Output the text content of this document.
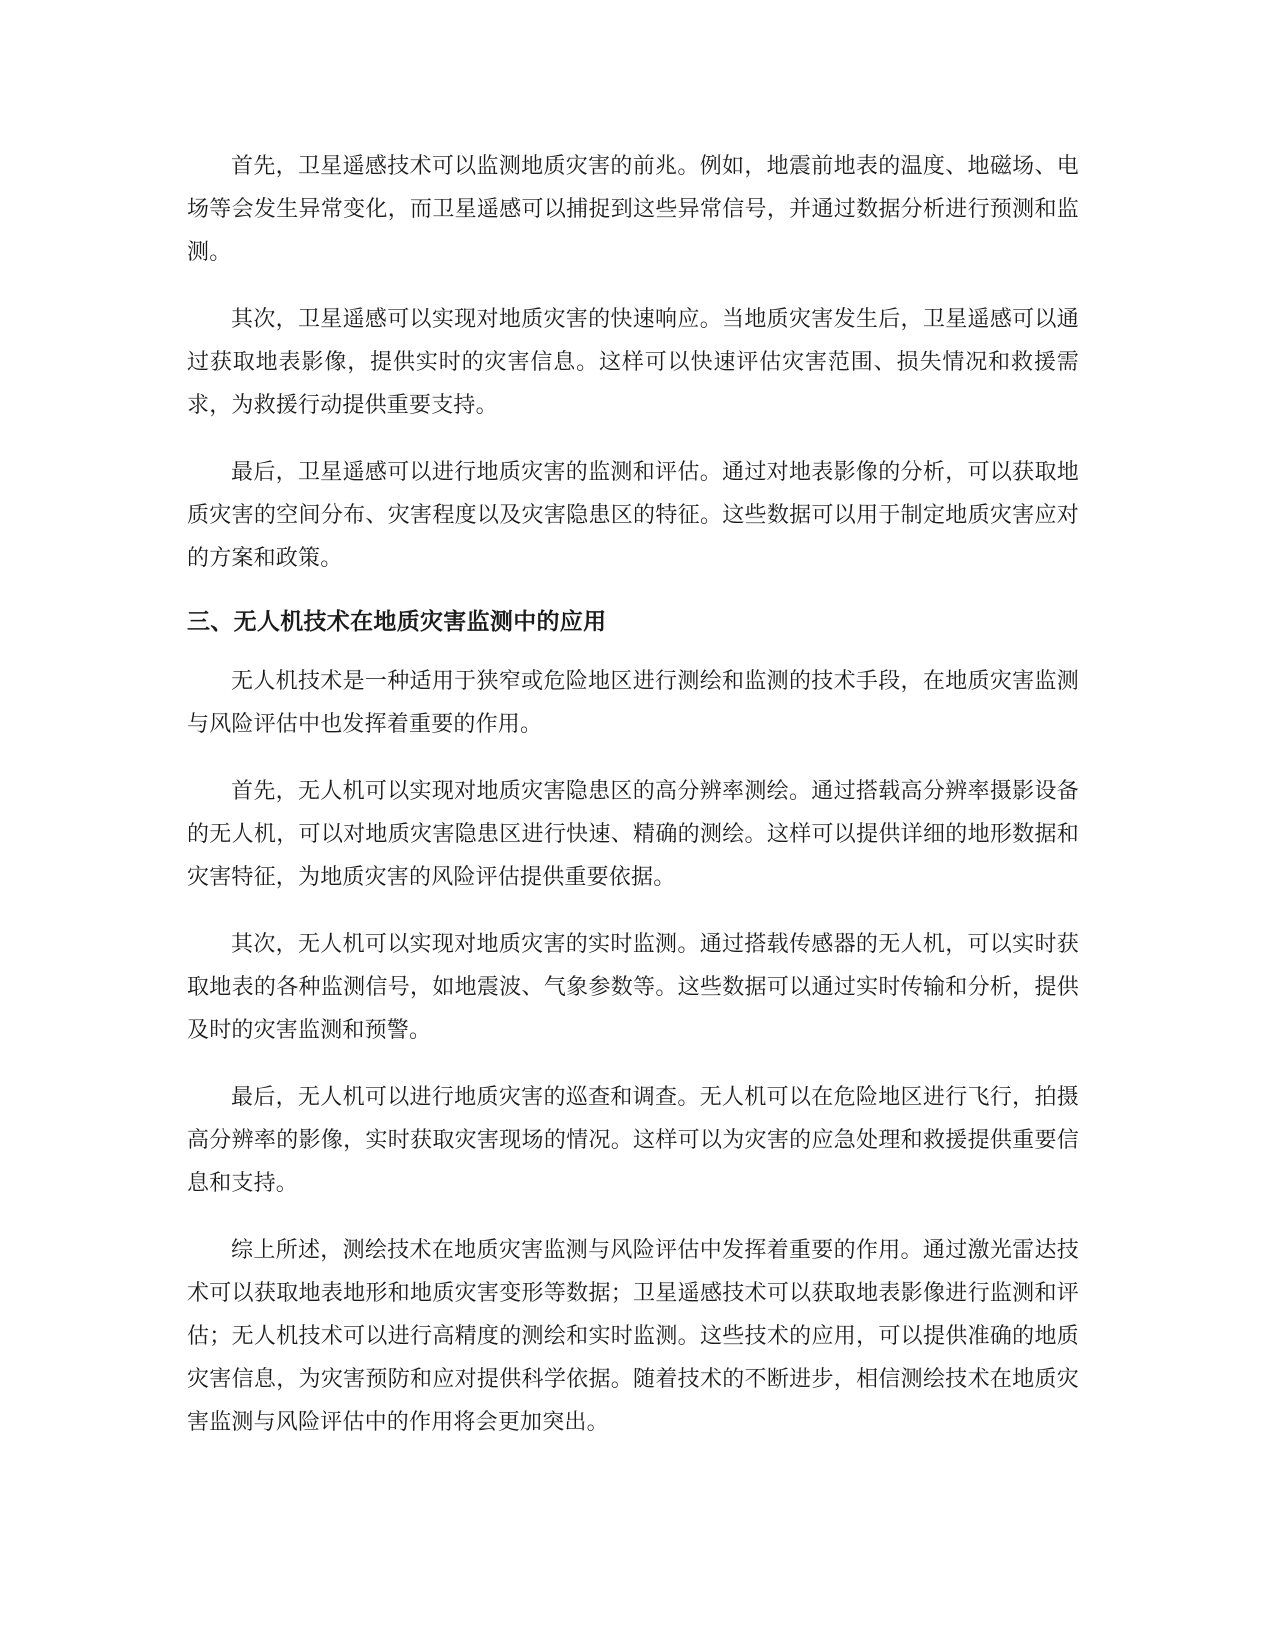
首先，卫星遥感技术可以监测地质灾害的前兆。例如，地震前地表的温度、地磁场、电场等会发生异常变化，而卫星遥感可以捕捉到这些异常信号，并通过数据分析进行预测和监测。

其次，卫星遥感可以实现对地质灾害的快速响应。当地质灾害发生后，卫星遥感可以通过获取地表影像，提供实时的灾害信息。这样可以快速评估灾害范围、损失情况和救援需求，为救援行动提供重要支持。

最后，卫星遥感可以进行地质灾害的监测和评估。通过对地表影像的分析，可以获取地质灾害的空间分布、灾害程度以及灾害隐患区的特征。这些数据可以用于制定地质灾害应对的方案和政策。

三、无人机技术在地质灾害监测中的应用

无人机技术是一种适用于狭窄或危险地区进行测绘和监测的技术手段，在地质灾害监测与风险评估中也发挥着重要的作用。

首先，无人机可以实现对地质灾害隐患区的高分辨率测绘。通过搭载高分辨率摄影设备的无人机，可以对地质灾害隐患区进行快速、精确的测绘。这样可以提供详细的地形数据和灾害特征，为地质灾害的风险评估提供重要依据。

其次，无人机可以实现对地质灾害的实时监测。通过搭载传感器的无人机，可以实时获取地表的各种监测信号，如地震波、气象参数等。这些数据可以通过实时传输和分析，提供及时的灾害监测和预警。

最后，无人机可以进行地质灾害的巡查和调查。无人机可以在危险地区进行飞行，拍摄高分辨率的影像，实时获取灾害现场的情况。这样可以为灾害的应急处理和救援提供重要信息和支持。

综上所述，测绘技术在地质灾害监测与风险评估中发挥着重要的作用。通过激光雷达技术可以获取地表地形和地质灾害变形等数据；卫星遥感技术可以获取地表影像进行监测和评估；无人机技术可以进行高精度的测绘和实时监测。这些技术的应用，可以提供准确的地质灾害信息，为灾害预防和应对提供科学依据。随着技术的不断进步，相信测绘技术在地质灾害监测与风险评估中的作用将会更加突出。
